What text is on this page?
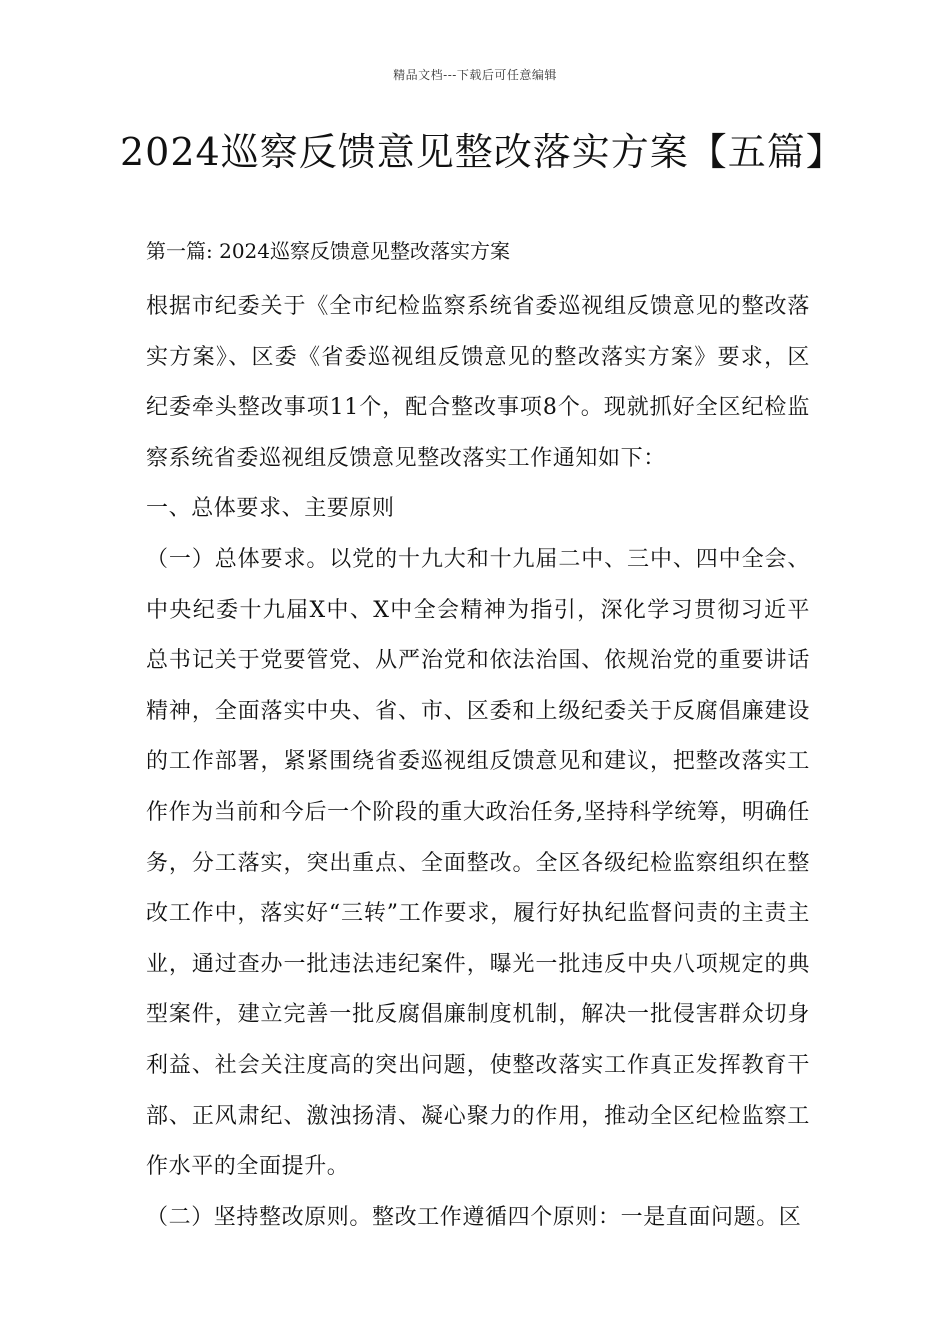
精品文档---下载后可任意编辑
2024巡察反馈意见整改落实方案【五篇】

第一篇: 2024巡察反馈意见整改落实方案

根据市纪委关于《全市纪检监察系统省委巡视组反馈意见的整改落实方案》、区委《省委巡视组反馈意见的整改落实方案》要求，区纪委牵头整改事项11个，配合整改事项8个。现就抓好全区纪检监察系统省委巡视组反馈意见整改落实工作通知如下：

一、总体要求、主要原则

（一）总体要求。以党的十九大和十九届二中、三中、四中全会、中央纪委十九届X中、X中全会精神为指引，深化学习贯彻习近平总书记关于党要管党、从严治党和依法治国、依规治党的重要讲话精神，全面落实中央、省、市、区委和上级纪委关于反腐倡廉建设的工作部署，紧紧围绕省委巡视组反馈意见和建议，把整改落实工作作为当前和今后一个阶段的重大政治任务,坚持科学统筹，明确任务，分工落实，突出重点、全面整改。全区各级纪检监察组织在整改工作中，落实好“三转”工作要求，履行好执纪监督问责的主责主业，通过查办一批违法违纪案件，曝光一批违反中央八项规定的典型案件，建立完善一批反腐倡廉制度机制，解决一批侵害群众切身利益、社会关注度高的突出问题，使整改落实工作真正发挥教育干部、正风肃纪、激浊扬清、凝心聚力的作用，推动全区纪检监察工作水平的全面提升。

（二）坚持整改原则。整改工作遵循四个原则：一是直面问题。区
